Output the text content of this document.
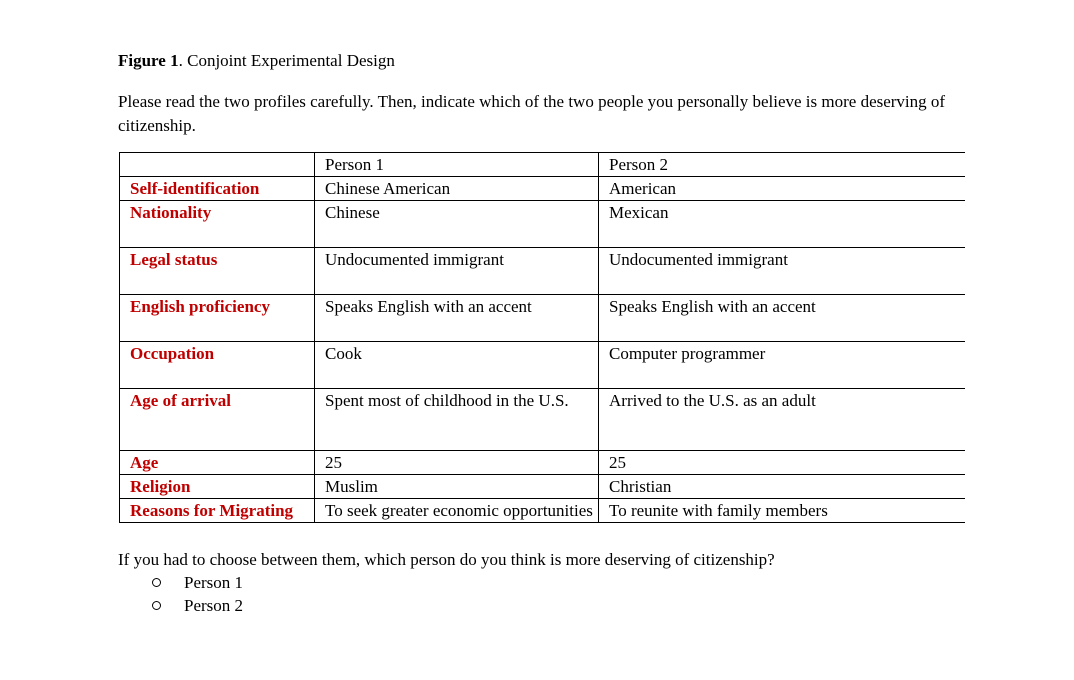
Figure 1. Conjoint Experimental Design

Please read the two profiles carefully. Then, indicate which of the two people you personally believe is more deserving of citizenship.

	Person 1	Person 2
Self-identification	Chinese American	American
Nationality	Chinese	Mexican
Legal status	Undocumented immigrant	Undocumented immigrant
English proficiency	Speaks English with an accent	Speaks English with an accent
Occupation	Cook	Computer programmer
Age of arrival	Spent most of childhood in the U.S.	Arrived to the U.S. as an adult
Age	25	25
Religion	Muslim	Christian
Reasons for Migrating	To seek greater economic opportunities	To reunite with family members

If you had to choose between them, which person do you think is more deserving of citizenship?

Person 1
Person 2
